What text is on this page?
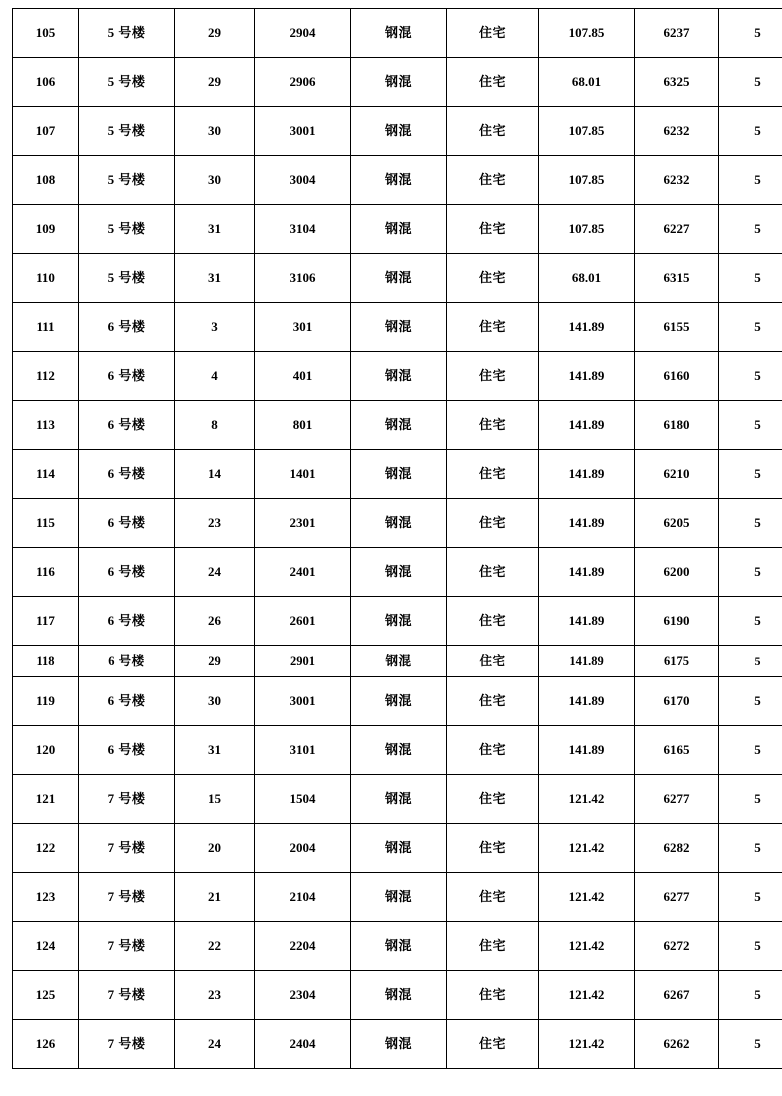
105	5 号楼	29	2904	钢混	住宅	107.85	6237	5
106	5 号楼	29	2906	钢混	住宅	68.01	6325	5
107	5 号楼	30	3001	钢混	住宅	107.85	6232	5
108	5 号楼	30	3004	钢混	住宅	107.85	6232	5
109	5 号楼	31	3104	钢混	住宅	107.85	6227	5
110	5 号楼	31	3106	钢混	住宅	68.01	6315	5
111	6 号楼	3	301	钢混	住宅	141.89	6155	5
112	6 号楼	4	401	钢混	住宅	141.89	6160	5
113	6 号楼	8	801	钢混	住宅	141.89	6180	5
114	6 号楼	14	1401	钢混	住宅	141.89	6210	5
115	6 号楼	23	2301	钢混	住宅	141.89	6205	5
116	6 号楼	24	2401	钢混	住宅	141.89	6200	5
117	6 号楼	26	2601	钢混	住宅	141.89	6190	5
118	6 号楼	29	2901	钢混	住宅	141.89	6175	5
119	6 号楼	30	3001	钢混	住宅	141.89	6170	5
120	6 号楼	31	3101	钢混	住宅	141.89	6165	5
121	7 号楼	15	1504	钢混	住宅	121.42	6277	5
122	7 号楼	20	2004	钢混	住宅	121.42	6282	5
123	7 号楼	21	2104	钢混	住宅	121.42	6277	5
124	7 号楼	22	2204	钢混	住宅	121.42	6272	5
125	7 号楼	23	2304	钢混	住宅	121.42	6267	5
126	7 号楼	24	2404	钢混	住宅	121.42	6262	5
